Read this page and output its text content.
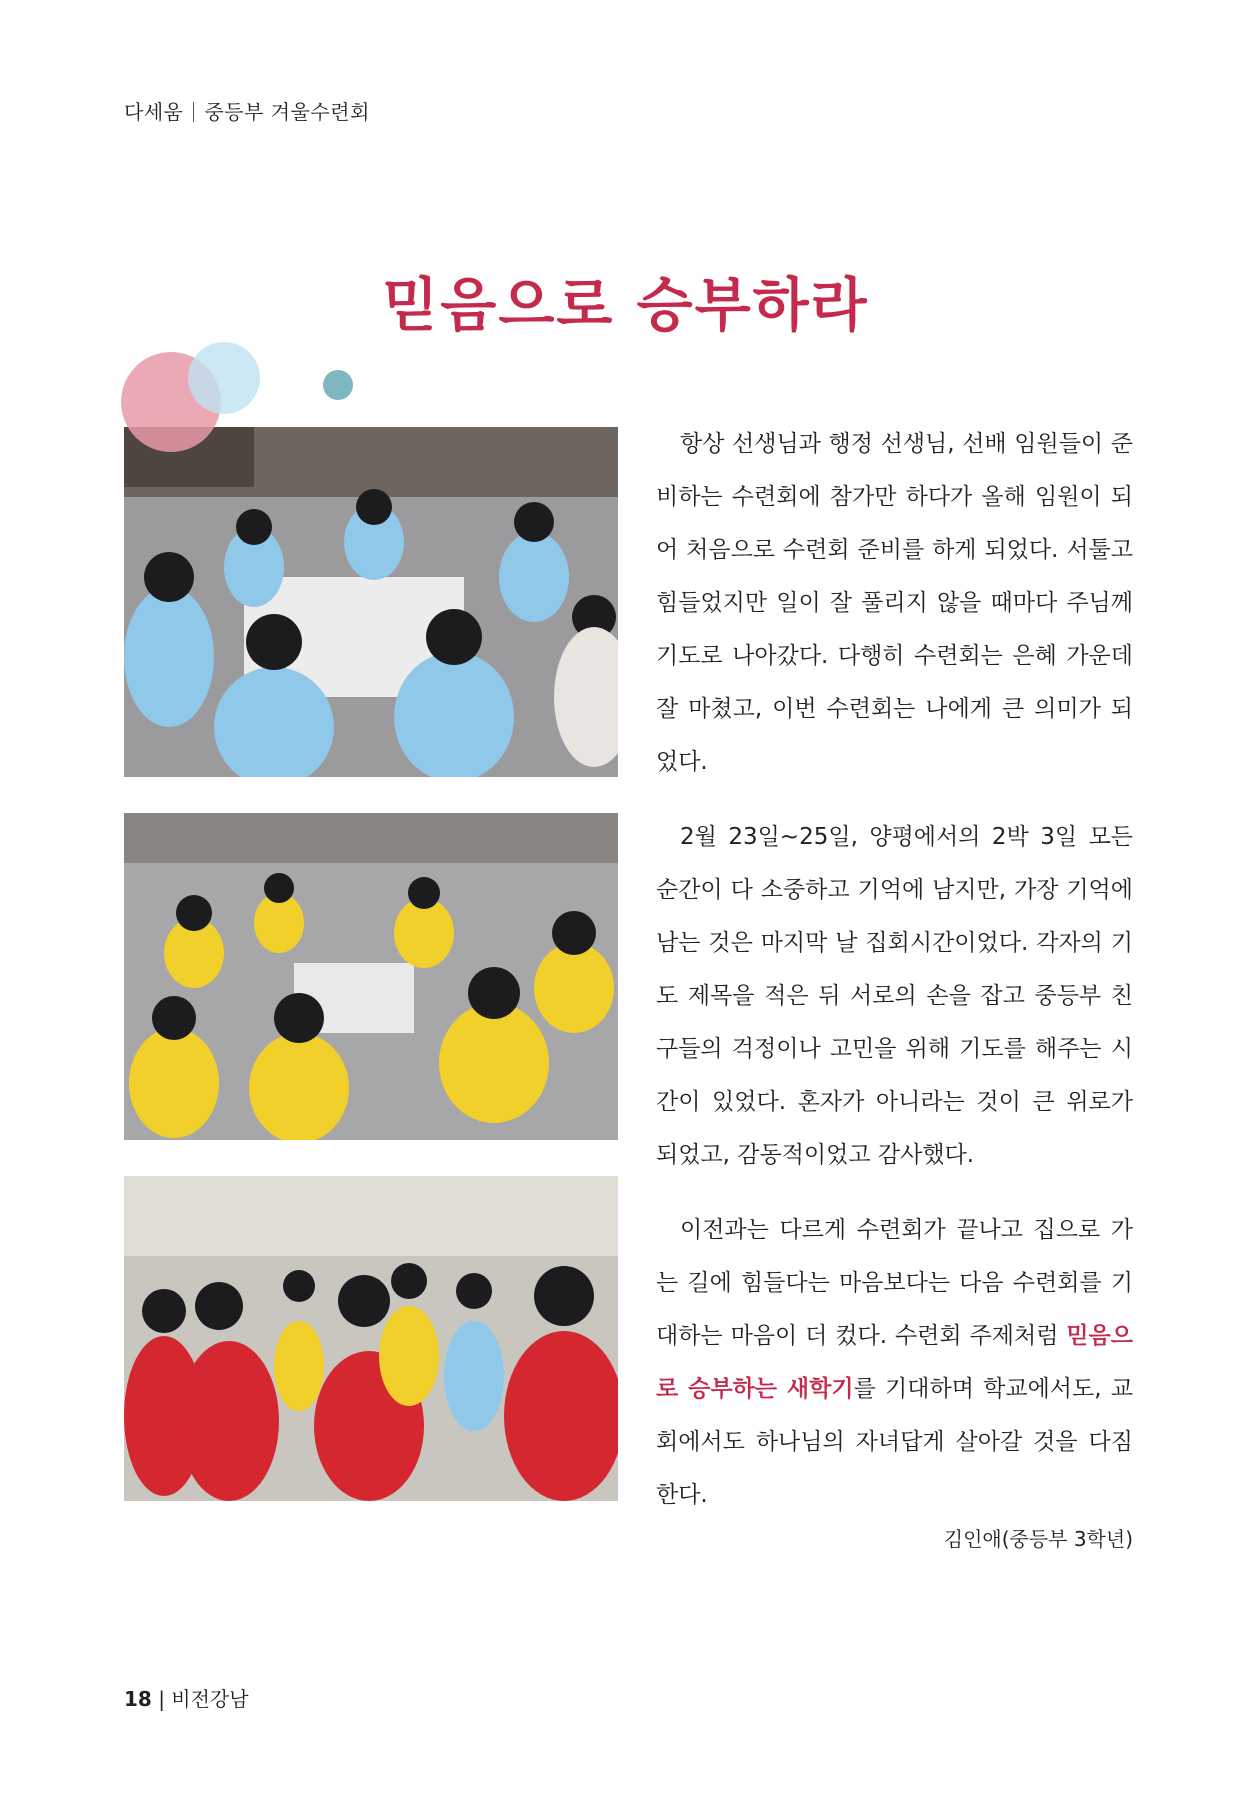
다세움 중등부 겨울수련회
믿음으로 승부하라

항상 선생님과 행정 선생님, 선배 임원들이 준비하는 수련회에 참가만 하다가 올해 임원이 되어 처음으로 수련회 준비를 하게 되었다. 서툴고 힘들었지만 일이 잘 풀리지 않을 때마다 주님께 기도로 나아갔다. 다행히 수련회는 은혜 가운데 잘 마쳤고, 이번 수련회는 나에게 큰 의미가 되었다.

2월 23일~25일, 양평에서의 2박 3일 모든 순간이 다 소중하고 기억에 남지만, 가장 기억에 남는 것은 마지막 날 집회시간이었다. 각자의 기도 제목을 적은 뒤 서로의 손을 잡고 중등부 친구들의 걱정이나 고민을 위해 기도를 해주는 시간이 있었다. 혼자가 아니라는 것이 큰 위로가 되었고, 감동적이었고 감사했다.

이전과는 다르게 수련회가 끝나고 집으로 가는 길에 힘들다는 마음보다는 다음 수련회를 기대하는 마음이 더 컸다. 수련회 주제처럼 믿음으로 승부하는 새학기를 기대하며 학교에서도, 교회에서도 하나님의 자녀답게 살아갈 것을 다짐한다.

김인애(중등부 3학년)
18 | 비전강남
